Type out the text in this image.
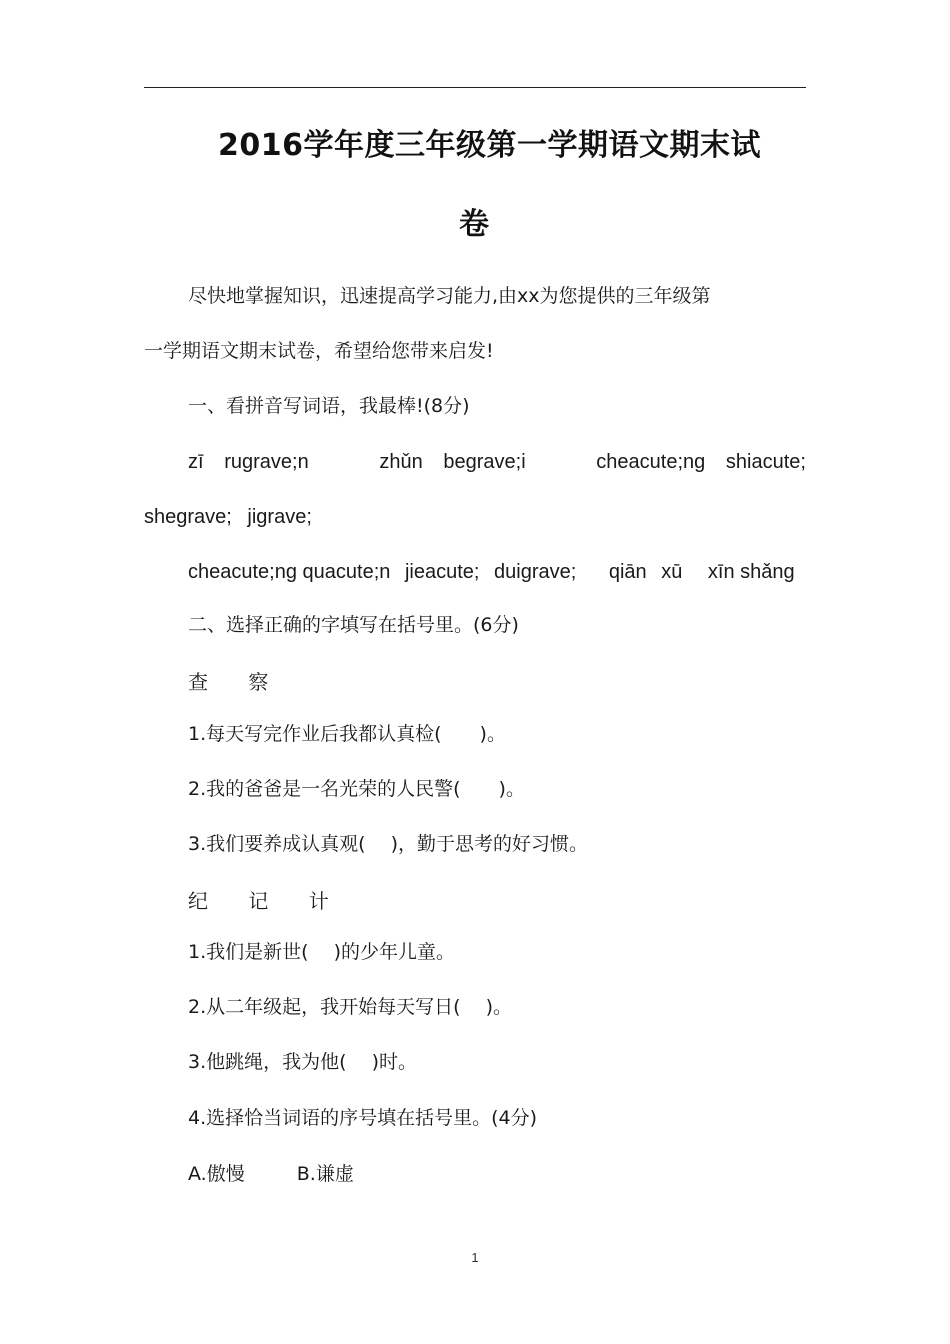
2016学年度三年级第一学期语文期末试
卷
尽快地掌握知识，迅速提高学习能力,由xx为您提供的三年级第
一学期语文期末试卷，希望给您带来启发!
一、看拼音写词语，我最棒!(8分)
zī rugrave;n	zhǔn begrave;i	cheacute;ng shiacute;
shegrave; jigrave;
cheacute;ng quacute;n jieacute; duigrave; qiān xū xīn shǎng
二、选择正确的字填写在括号里。(6分)
查 察
1.每天写完作业后我都认真检(　　)。
2.我的爸爸是一名光荣的人民警(　　)。
3.我们要养成认真观(　 )，勤于思考的好习惯。
纪 记 计
1.我们是新世(　 )的少年儿童。
2.从二年级起，我开始每天写日(　 )。
3.他跳绳，我为他(　 )时。
4.选择恰当词语的序号填在括号里。(4分)
A.傲慢	B.谦虚
1
